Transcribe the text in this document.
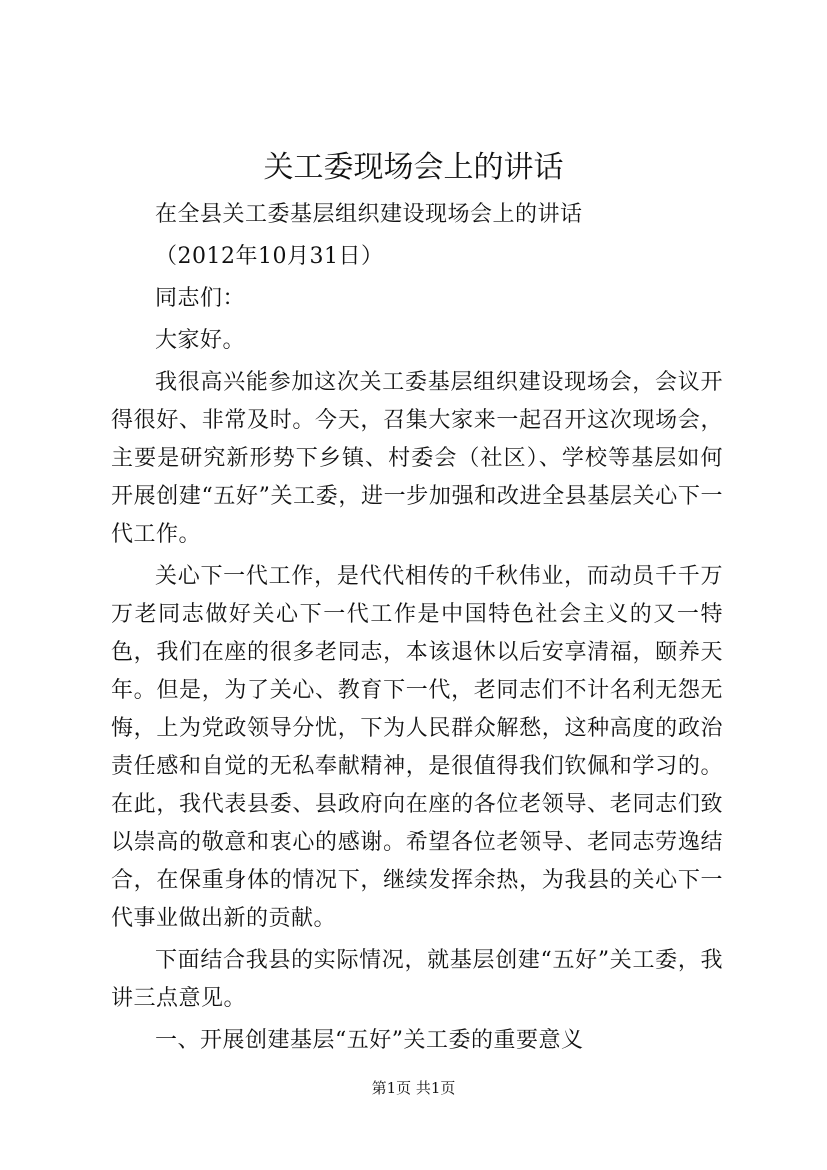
关工委现场会上的讲话

在全县关工委基层组织建设现场会上的讲话

（2012年10月31日）

同志们：

大家好。

我很高兴能参加这次关工委基层组织建设现场会，会议开得很好、非常及时。今天，召集大家来一起召开这次现场会，主要是研究新形势下乡镇、村委会（社区）、学校等基层如何开展创建“五好”关工委，进一步加强和改进全县基层关心下一代工作。

关心下一代工作，是代代相传的千秋伟业，而动员千千万万老同志做好关心下一代工作是中国特色社会主义的又一特色，我们在座的很多老同志，本该退休以后安享清福，颐养天年。但是，为了关心、教育下一代，老同志们不计名利无怨无悔，上为党政领导分忧，下为人民群众解愁，这种高度的政治责任感和自觉的无私奉献精神，是很值得我们钦佩和学习的。在此，我代表县委、县政府向在座的各位老领导、老同志们致以崇高的敬意和衷心的感谢。希望各位老领导、老同志劳逸结合，在保重身体的情况下，继续发挥余热，为我县的关心下一代事业做出新的贡献。

下面结合我县的实际情况，就基层创建“五好”关工委，我讲三点意见。

一、开展创建基层“五好”关工委的重要意义

第1页 共1页
